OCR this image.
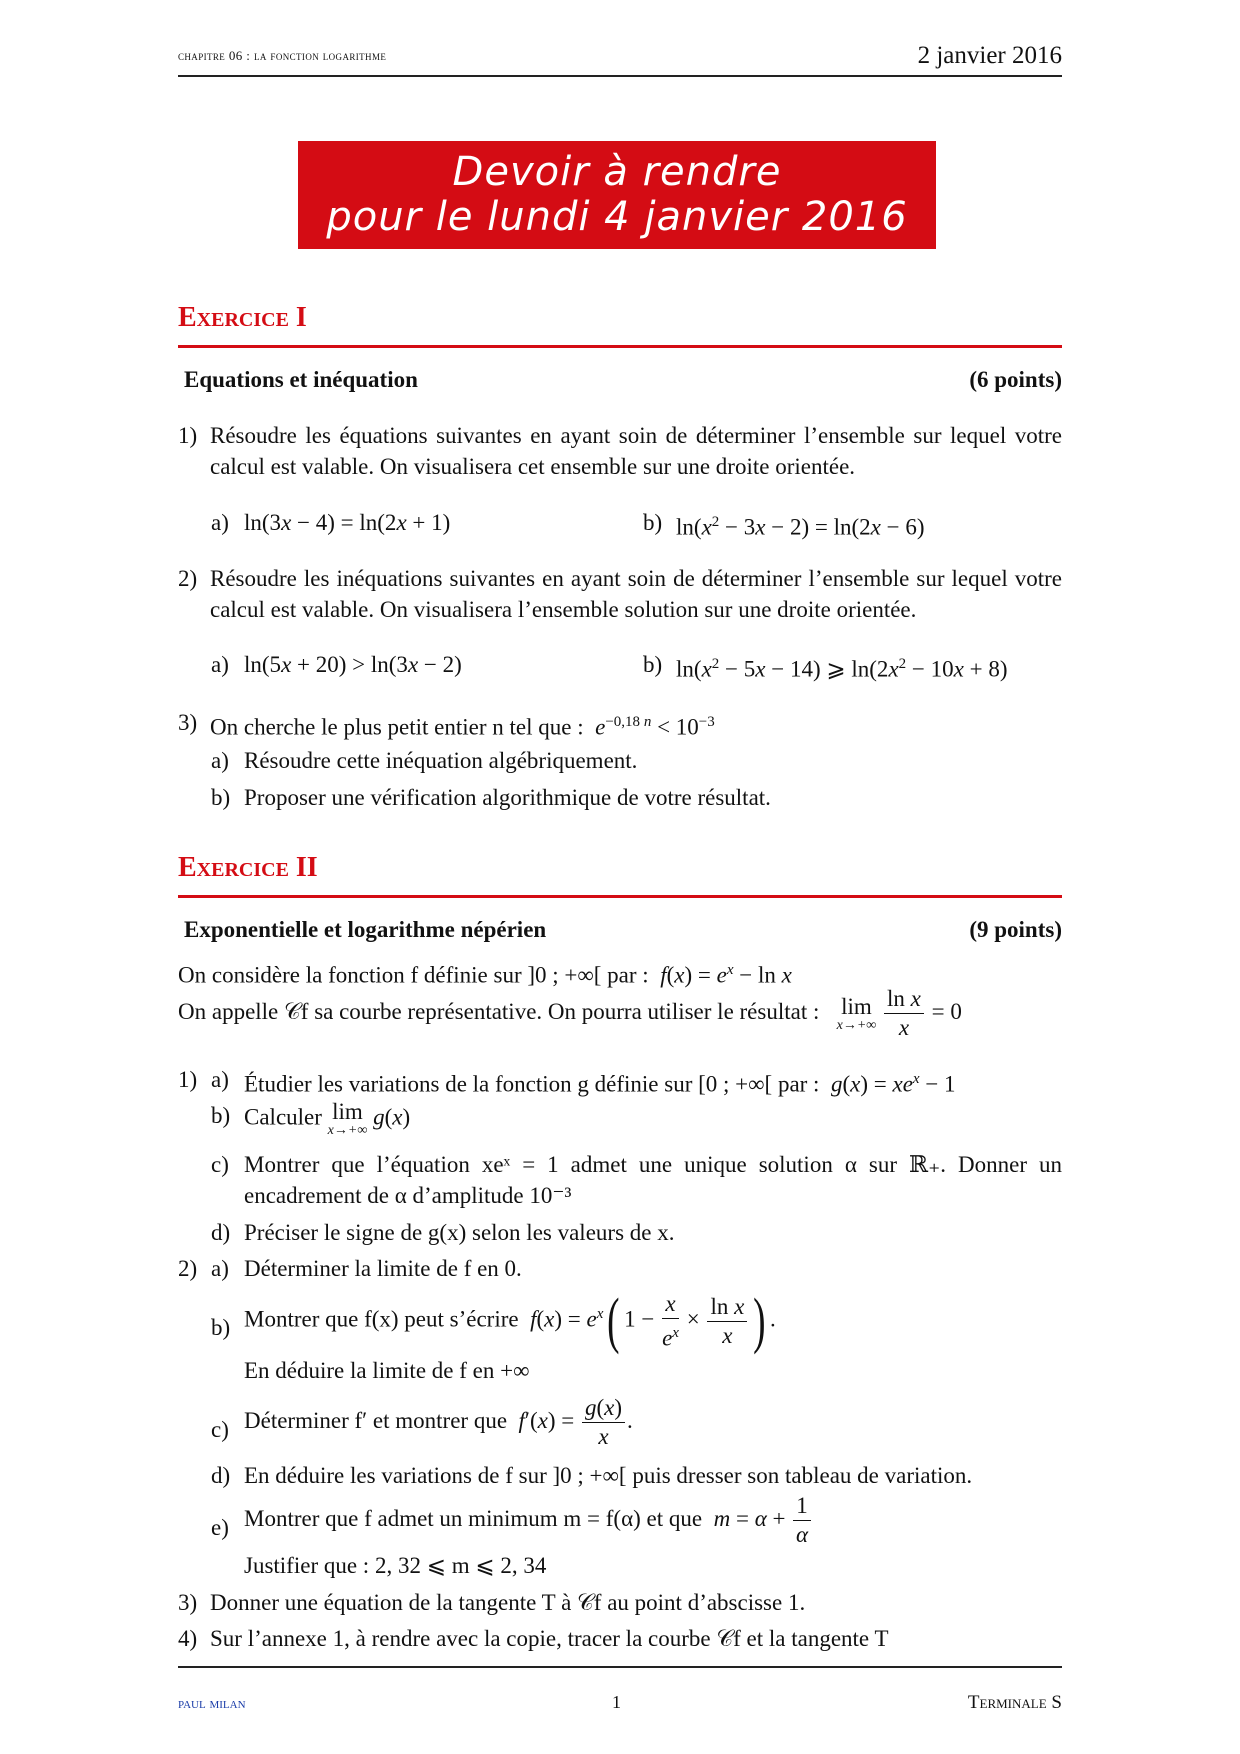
chapitre 06 : la fonction logarithme	2 janvier 2016
Devoir à rendre
pour le lundi 4 janvier 2016
Exercice I
Equations et inéquation	(6 points)
1) Résoudre les équations suivantes en ayant soin de déterminer l’ensemble sur lequel votre calcul est valable. On visualisera cet ensemble sur une droite orientée.
a) ln(3x − 4) = ln(2x + 1)	b) $\ln(x^2 - 3x - 2) = \ln(2x - 6)$
2) Résoudre les inéquations suivantes en ayant soin de déterminer l’ensemble sur lequel votre calcul est valable. On visualisera l’ensemble solution sur une droite orientée.
a) ln(5x + 20) > ln(3x − 2)	b) $\ln(x^2 - 5x - 14)$ ⩾ $\ln(2x^2 - 10x + 8)$
3) On cherche le plus petit entier n tel que : $e^{-0,18 n} < 10^{-3}$
a) Résoudre cette inéquation algébriquement.
b) Proposer une vérification algorithmique de votre résultat.
Exercice II
Exponentielle et logarithme népérien	(9 points)
On considère la fonction f définie sur ]0 ; +∞[ par : $f(x) = e^x - \ln x$
On appelle 𝒞f sa courbe représentative. On pourra utiliser le résultat : lim
x→+∞
$\frac{\text{ln x}}{x} = 0$
1) a) Étudier les variations de la fonction g définie sur [0 ; +∞[ par : $g(x) = xe^x - 1$
b) Calculer lim
x→+∞
g(x)
c) Montrer que l’équation xeˣ = 1 admet une unique solution α sur ℝ₊. Donner un encadrement de α d’amplitude 10⁻³
d) Préciser le signe de g(x) selon les valeurs de x.
2) a) Déterminer la limite de f en 0.
b) Montrer que f(x) peut s’écrire $f(x) = e^x$( $1 - \frac{x}{e^x} \times \frac{\text{ln x}}{x}$ ) .
En déduire la limite de f en +∞
c) Déterminer f′ et montrer que $f'(x) = \frac{g(x)}{x}$ .
d) En déduire les variations de f sur ]0 ; +∞[ puis dresser son tableau de variation.
e) Montrer que f admet un minimum m = f(α) et que $m = \alpha + \frac{1}{\alpha}$
Justifier que : 2, 32 ⩽ m ⩽ 2, 34
3) Donner une équation de la tangente T à 𝒞f au point d’abscisse 1.
4) Sur l’annexe 1, à rendre avec la copie, tracer la courbe 𝒞f et la tangente T
paul milan	1	Terminale S
